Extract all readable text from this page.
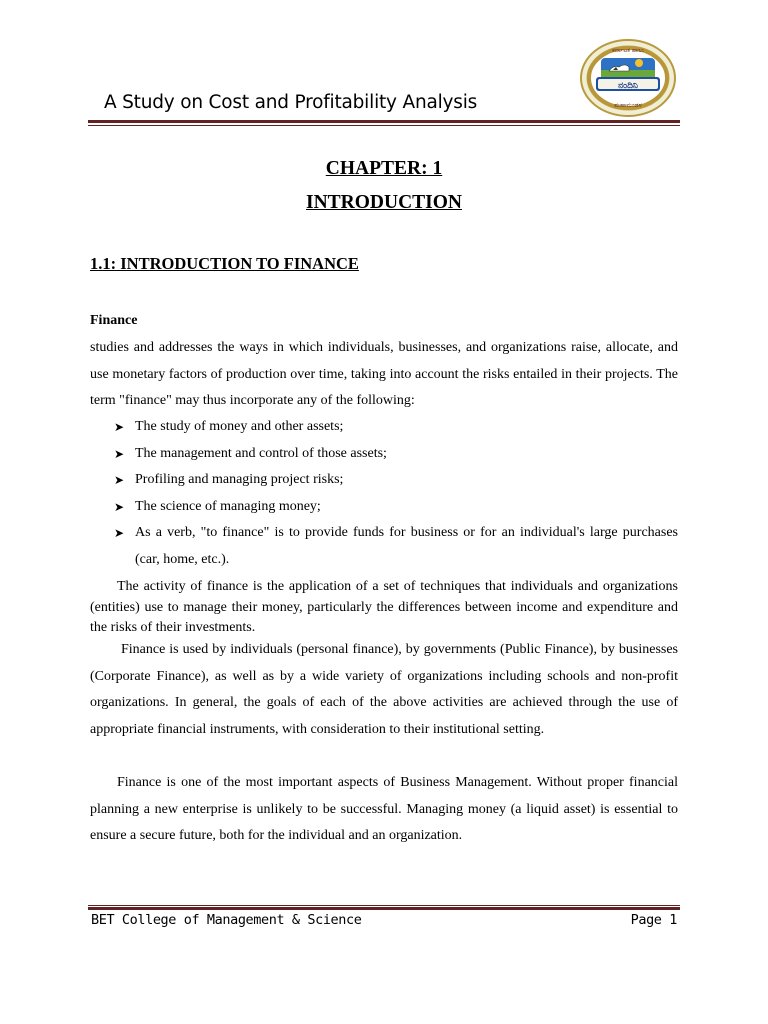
A Study on Cost and Profitability Analysis
ಕರ್ನಾಟಕ ಹಾಲು
ನಂದಿನಿ
ಮಹಾಮಂಡಳ
CHAPTER: 1
INTRODUCTION
1.1: INTRODUCTION TO FINANCE
Finance
studies and addresses the ways in which individuals, businesses, and organizations raise, allocate, and use monetary factors of production over time, taking into account the risks entailed in their projects. The term "finance" may thus incorporate any of the following:
➤ The study of money and other assets;
➤ The management and control of those assets;
➤ Profiling and managing project risks;
➤ The science of managing money;
➤ As a verb, "to finance" is to provide funds for business or for an individual's large purchases (car, home, etc.).
The activity of finance is the application of a set of techniques that individuals and organizations (entities) use to manage their money, particularly the differences between income and expenditure and the risks of their investments.
Finance is used by individuals (personal finance), by governments (Public Finance), by businesses (Corporate Finance), as well as by a wide variety of organizations including schools and non-profit organizations. In general, the goals of each of the above activities are achieved through the use of appropriate financial instruments, with consideration to their institutional setting.
Finance is one of the most important aspects of Business Management. Without proper financial planning a new enterprise is unlikely to be successful. Managing money (a liquid asset) is essential to ensure a secure future, both for the individual and an organization.
BET College of Management & Science	Page 1
